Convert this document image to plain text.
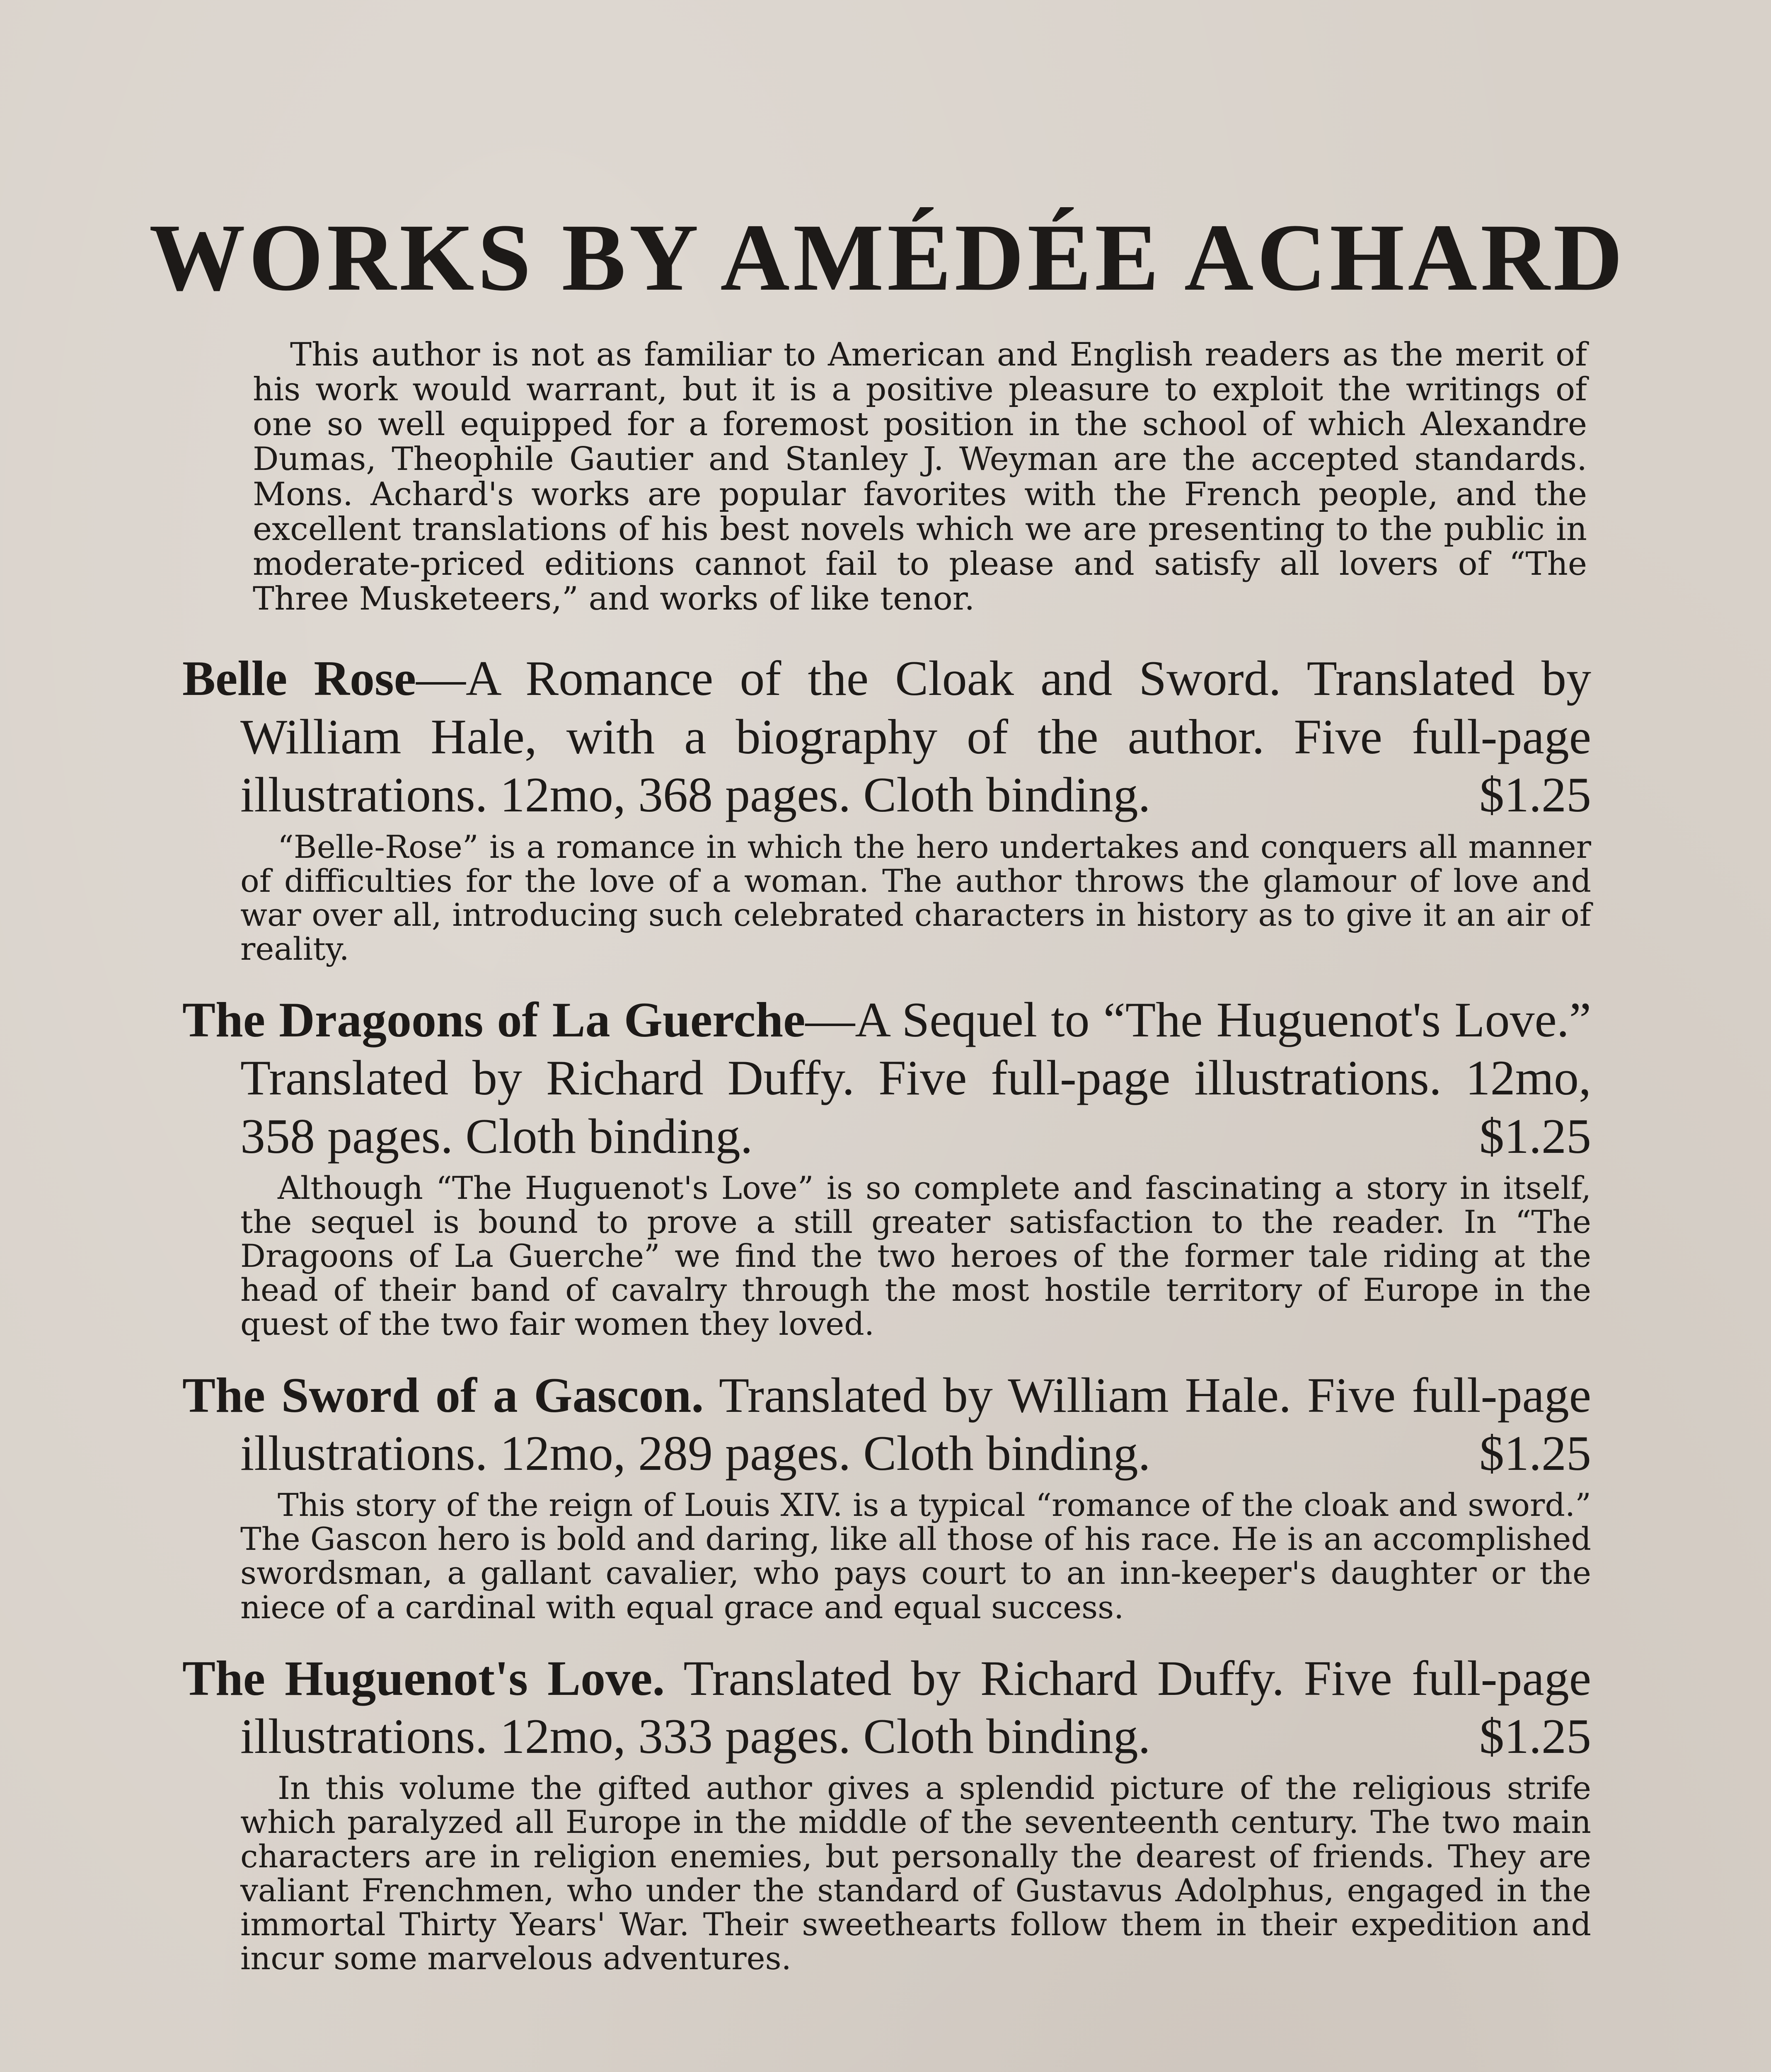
WORKS BY AMÉDÉE ACHARD

This author is not as familiar to American and English readers as the merit of his work would warrant, but it is a positive pleasure to exploit the writings of one so well equipped for a foremost position in the school of which Alexandre Dumas, Theophile Gautier and Stanley J. Weyman are the accepted standards. Mons. Achard's works are popular favorites with the French people, and the excellent translations of his best novels which we are presenting to the public in moderate-priced editions cannot fail to please and satisfy all lovers of “The Three Musketeers,” and works of like tenor.

Belle Rose—A Romance of the Cloak and Sword. Translated by William Hale, with a biography of the author. Five full-page illustrations. 12mo, 368 pages. Cloth binding.	$1.25

“Belle-Rose” is a romance in which the hero undertakes and conquers all manner of difficulties for the love of a woman. The author throws the glamour of love and war over all, introducing such celebrated characters in history as to give it an air of reality.

The Dragoons of La Guerche—A Sequel to “The Huguenot's Love.” Translated by Richard Duffy. Five full-page illustrations. 12mo, 358 pages. Cloth binding.	$1.25

Although “The Huguenot's Love” is so complete and fascinating a story in itself, the sequel is bound to prove a still greater satisfaction to the reader. In “The Dragoons of La Guerche” we find the two heroes of the former tale riding at the head of their band of cavalry through the most hostile territory of Europe in the quest of the two fair women they loved.

The Sword of a Gascon. Translated by William Hale. Five full-page illustrations. 12mo, 289 pages. Cloth binding.	$1.25

This story of the reign of Louis XIV. is a typical “romance of the cloak and sword.” The Gascon hero is bold and daring, like all those of his race. He is an accomplished swordsman, a gallant cavalier, who pays court to an inn-keeper's daughter or the niece of a cardinal with equal grace and equal success.

The Huguenot's Love. Translated by Richard Duffy. Five full-page illustrations. 12mo, 333 pages. Cloth binding.	$1.25

In this volume the gifted author gives a splendid picture of the religious strife which paralyzed all Europe in the middle of the seventeenth century. The two main characters are in religion enemies, but personally the dearest of friends. They are valiant Frenchmen, who under the standard of Gustavus Adolphus, engaged in the immortal Thirty Years' War. Their sweethearts follow them in their expedition and incur some marvelous adventures.
